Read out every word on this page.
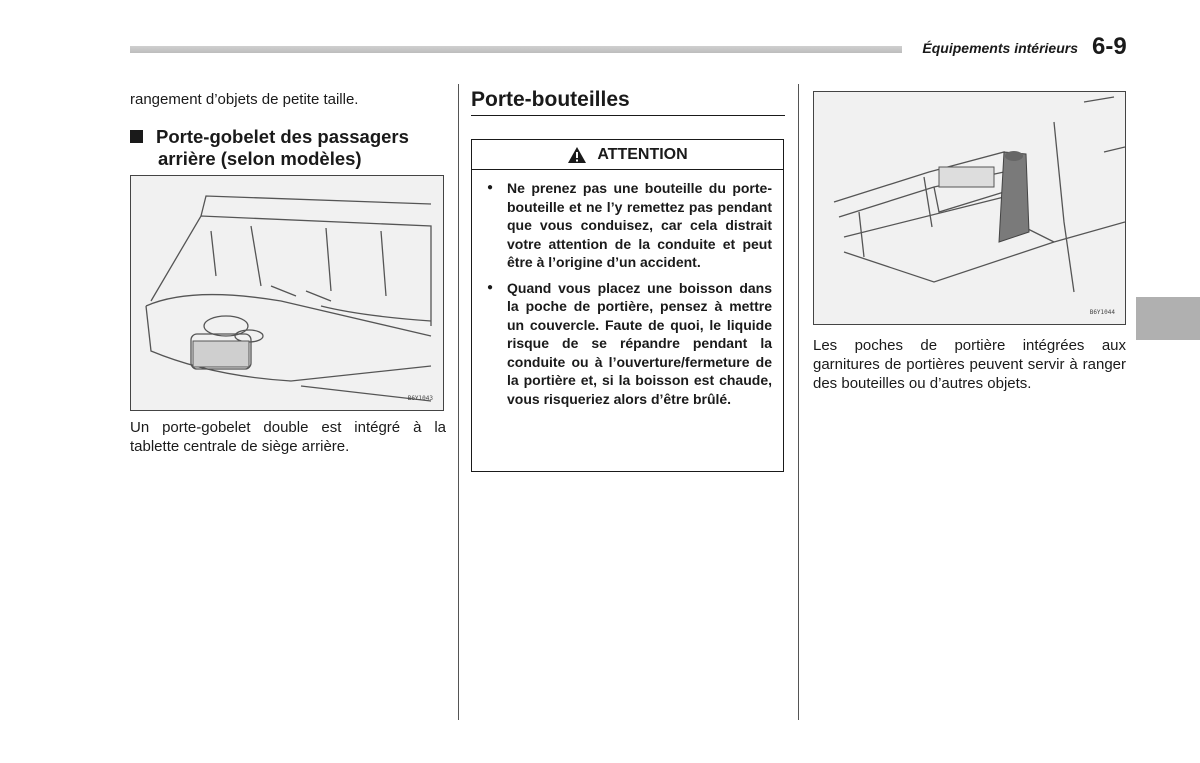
Équipements intérieurs 6-9
rangement d’objets de petite taille.
Porte-gobelet des passagers
arrière (selon modèles)
B6Y1043
Un porte-gobelet double est intégré à la tablette centrale de siège arrière.
Porte-bouteilles
ATTENTION
● Ne prenez pas une bouteille du porte-bouteille et ne l’y remettez pas pendant que vous conduisez, car cela distrait votre attention de la conduite et peut être à l’origine d’un accident.
● Quand vous placez une boisson dans la poche de portière, pensez à mettre un couvercle. Faute de quoi, le liquide risque de se répandre pendant la conduite ou à l’ouverture/fermeture de la portière et, si la boisson est chaude, vous risqueriez alors d’être brûlé.
B6Y1044
Les poches de portière intégrées aux garnitures de portières peuvent servir à ranger des bouteilles ou d’autres objets.
